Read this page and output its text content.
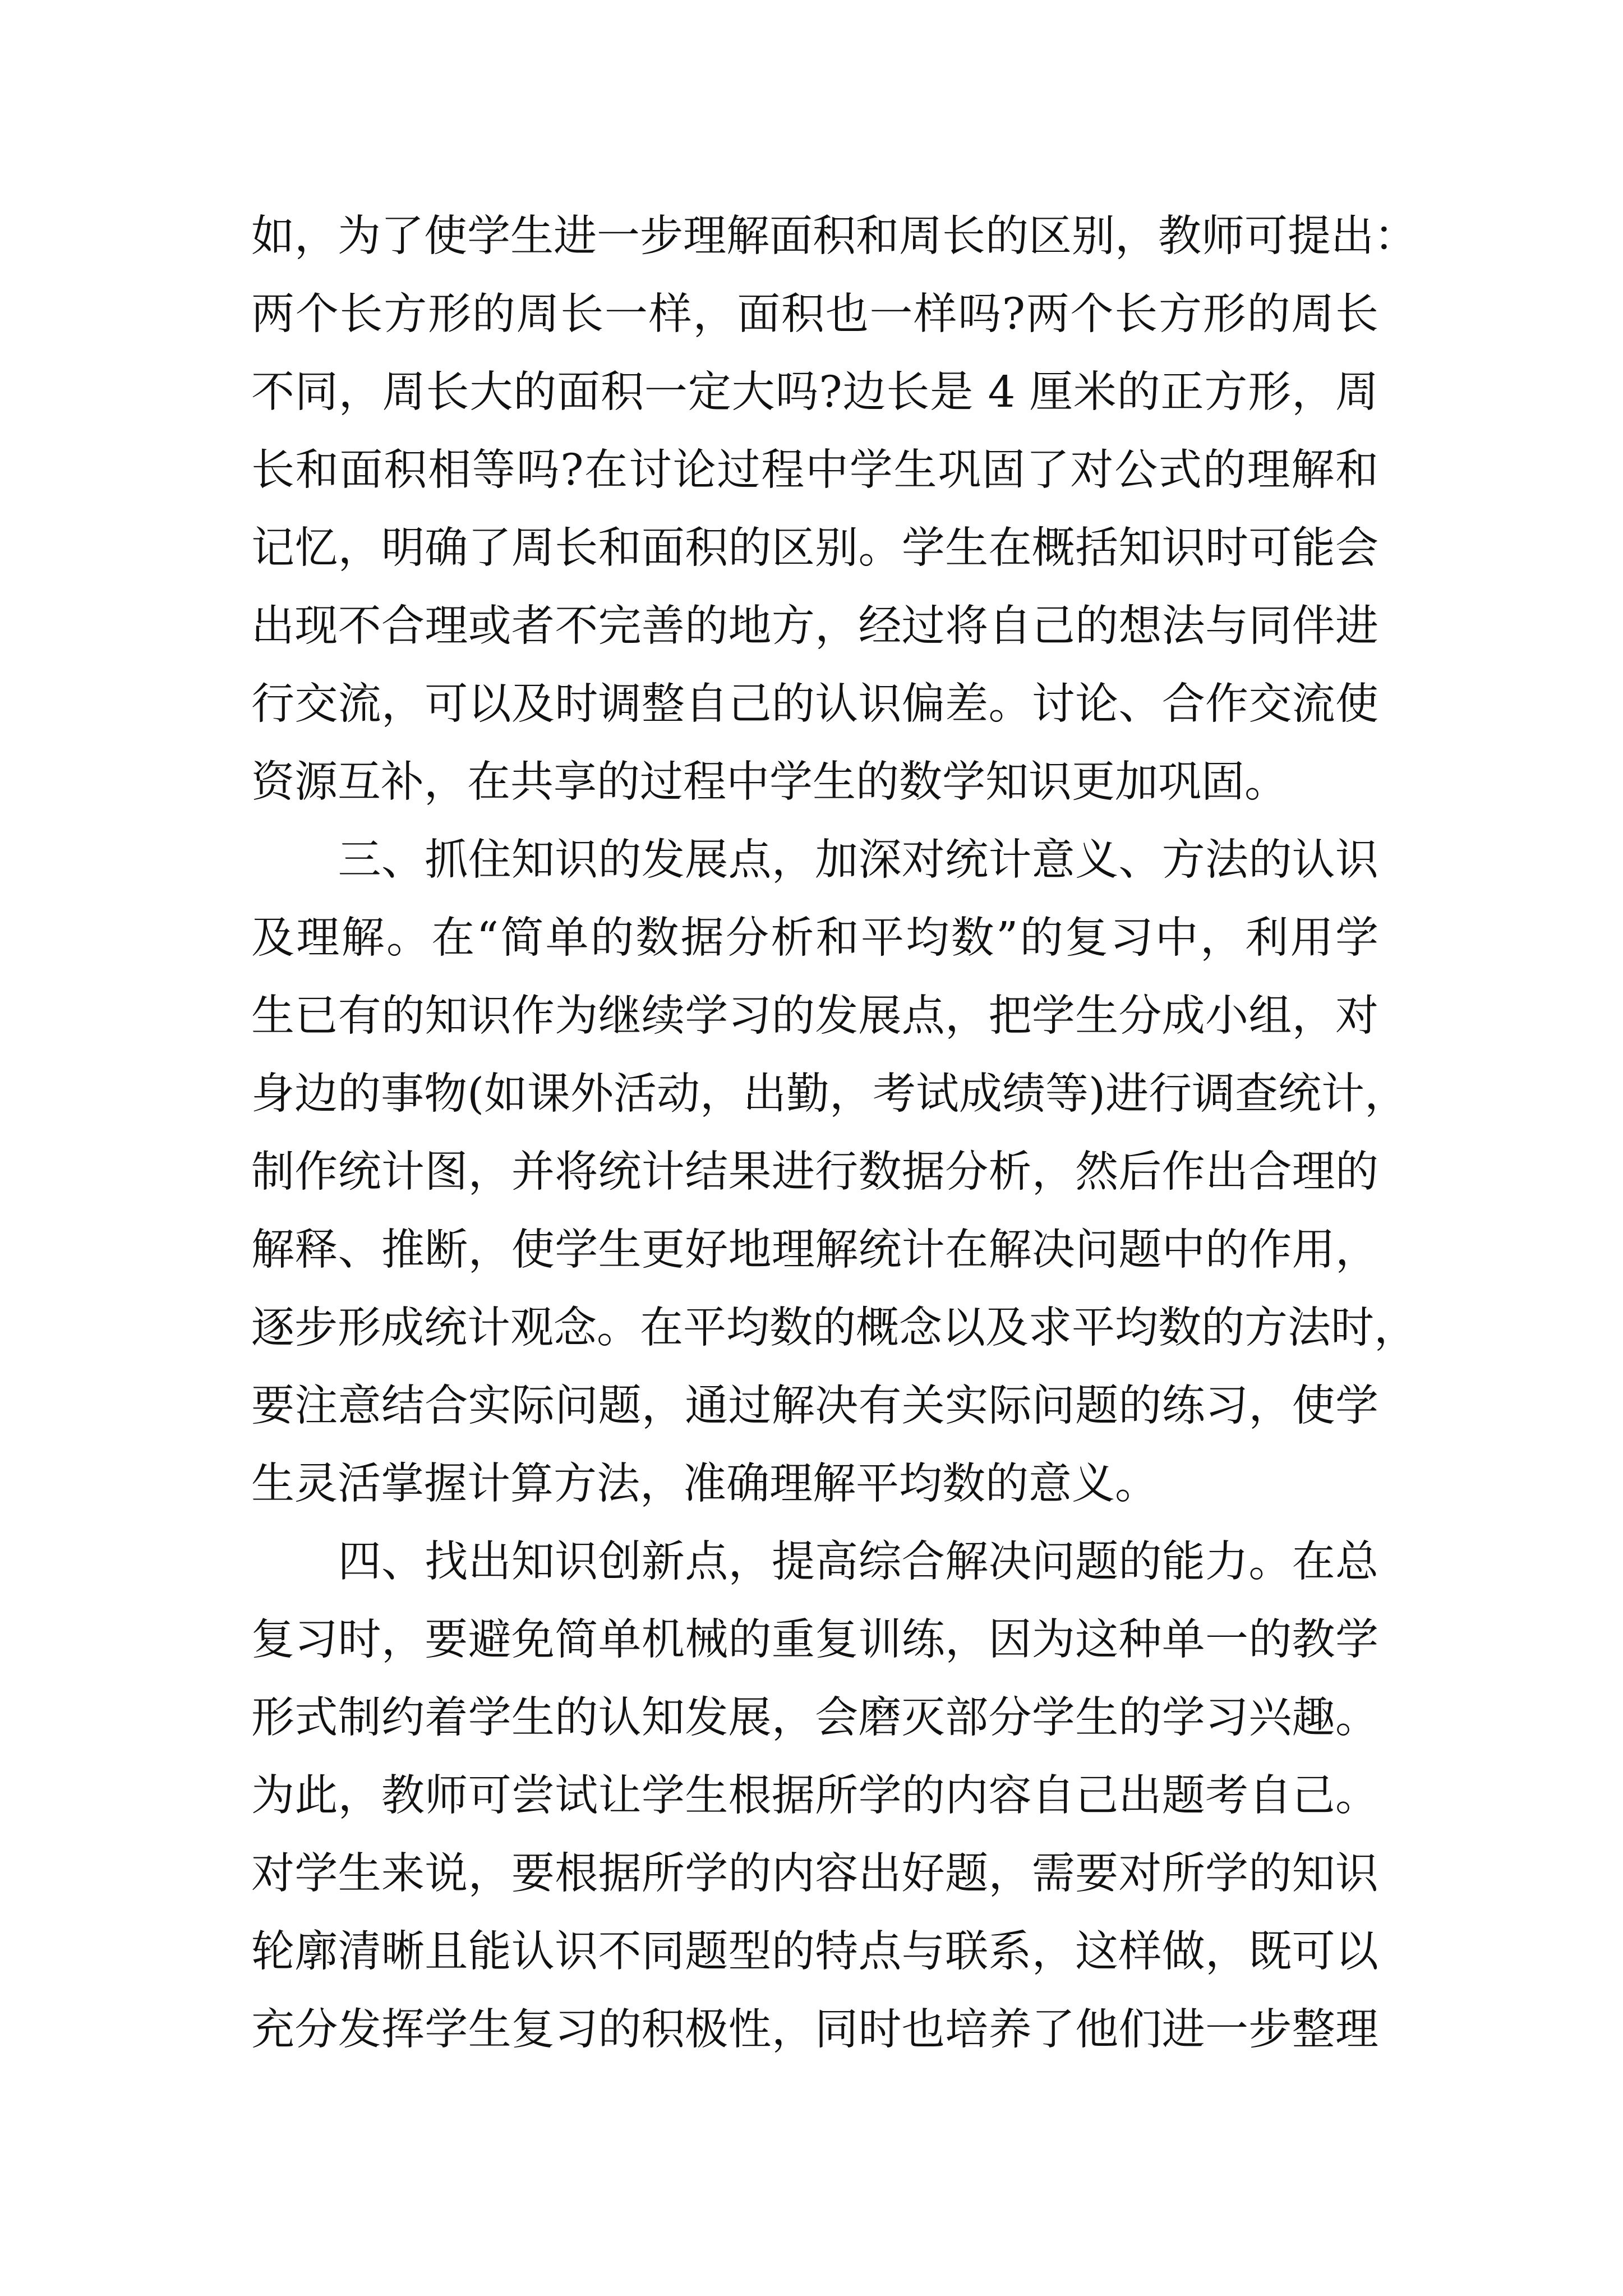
如，为了使学生进一步理解面积和周长的区别，教师可提出：
两个长方形的周长一样，面积也一样吗?两个长方形的周长
不同，周长大的面积一定大吗?边长是 4 厘米的正方形，周
长和面积相等吗?在讨论过程中学生巩固了对公式的理解和
记忆，明确了周长和面积的区别。学生在概括知识时可能会
出现不合理或者不完善的地方，经过将自己的想法与同伴进
行交流，可以及时调整自己的认识偏差。讨论、合作交流使
资源互补，在共享的过程中学生的数学知识更加巩固。
　　三、抓住知识的发展点，加深对统计意义、方法的认识
及理解。在“简单的数据分析和平均数”的复习中，利用学
生已有的知识作为继续学习的发展点，把学生分成小组，对
身边的事物(如课外活动，出勤，考试成绩等)进行调查统计，
制作统计图，并将统计结果进行数据分析，然后作出合理的
解释、推断，使学生更好地理解统计在解决问题中的作用，
逐步形成统计观念。在平均数的概念以及求平均数的方法时，
要注意结合实际问题，通过解决有关实际问题的练习，使学
生灵活掌握计算方法，准确理解平均数的意义。
　　四、找出知识创新点，提高综合解决问题的能力。在总
复习时，要避免简单机械的重复训练，因为这种单一的教学
形式制约着学生的认知发展，会磨灭部分学生的学习兴趣。
为此，教师可尝试让学生根据所学的内容自己出题考自己。
对学生来说，要根据所学的内容出好题，需要对所学的知识
轮廓清晰且能认识不同题型的特点与联系，这样做，既可以
充分发挥学生复习的积极性，同时也培养了他们进一步整理
